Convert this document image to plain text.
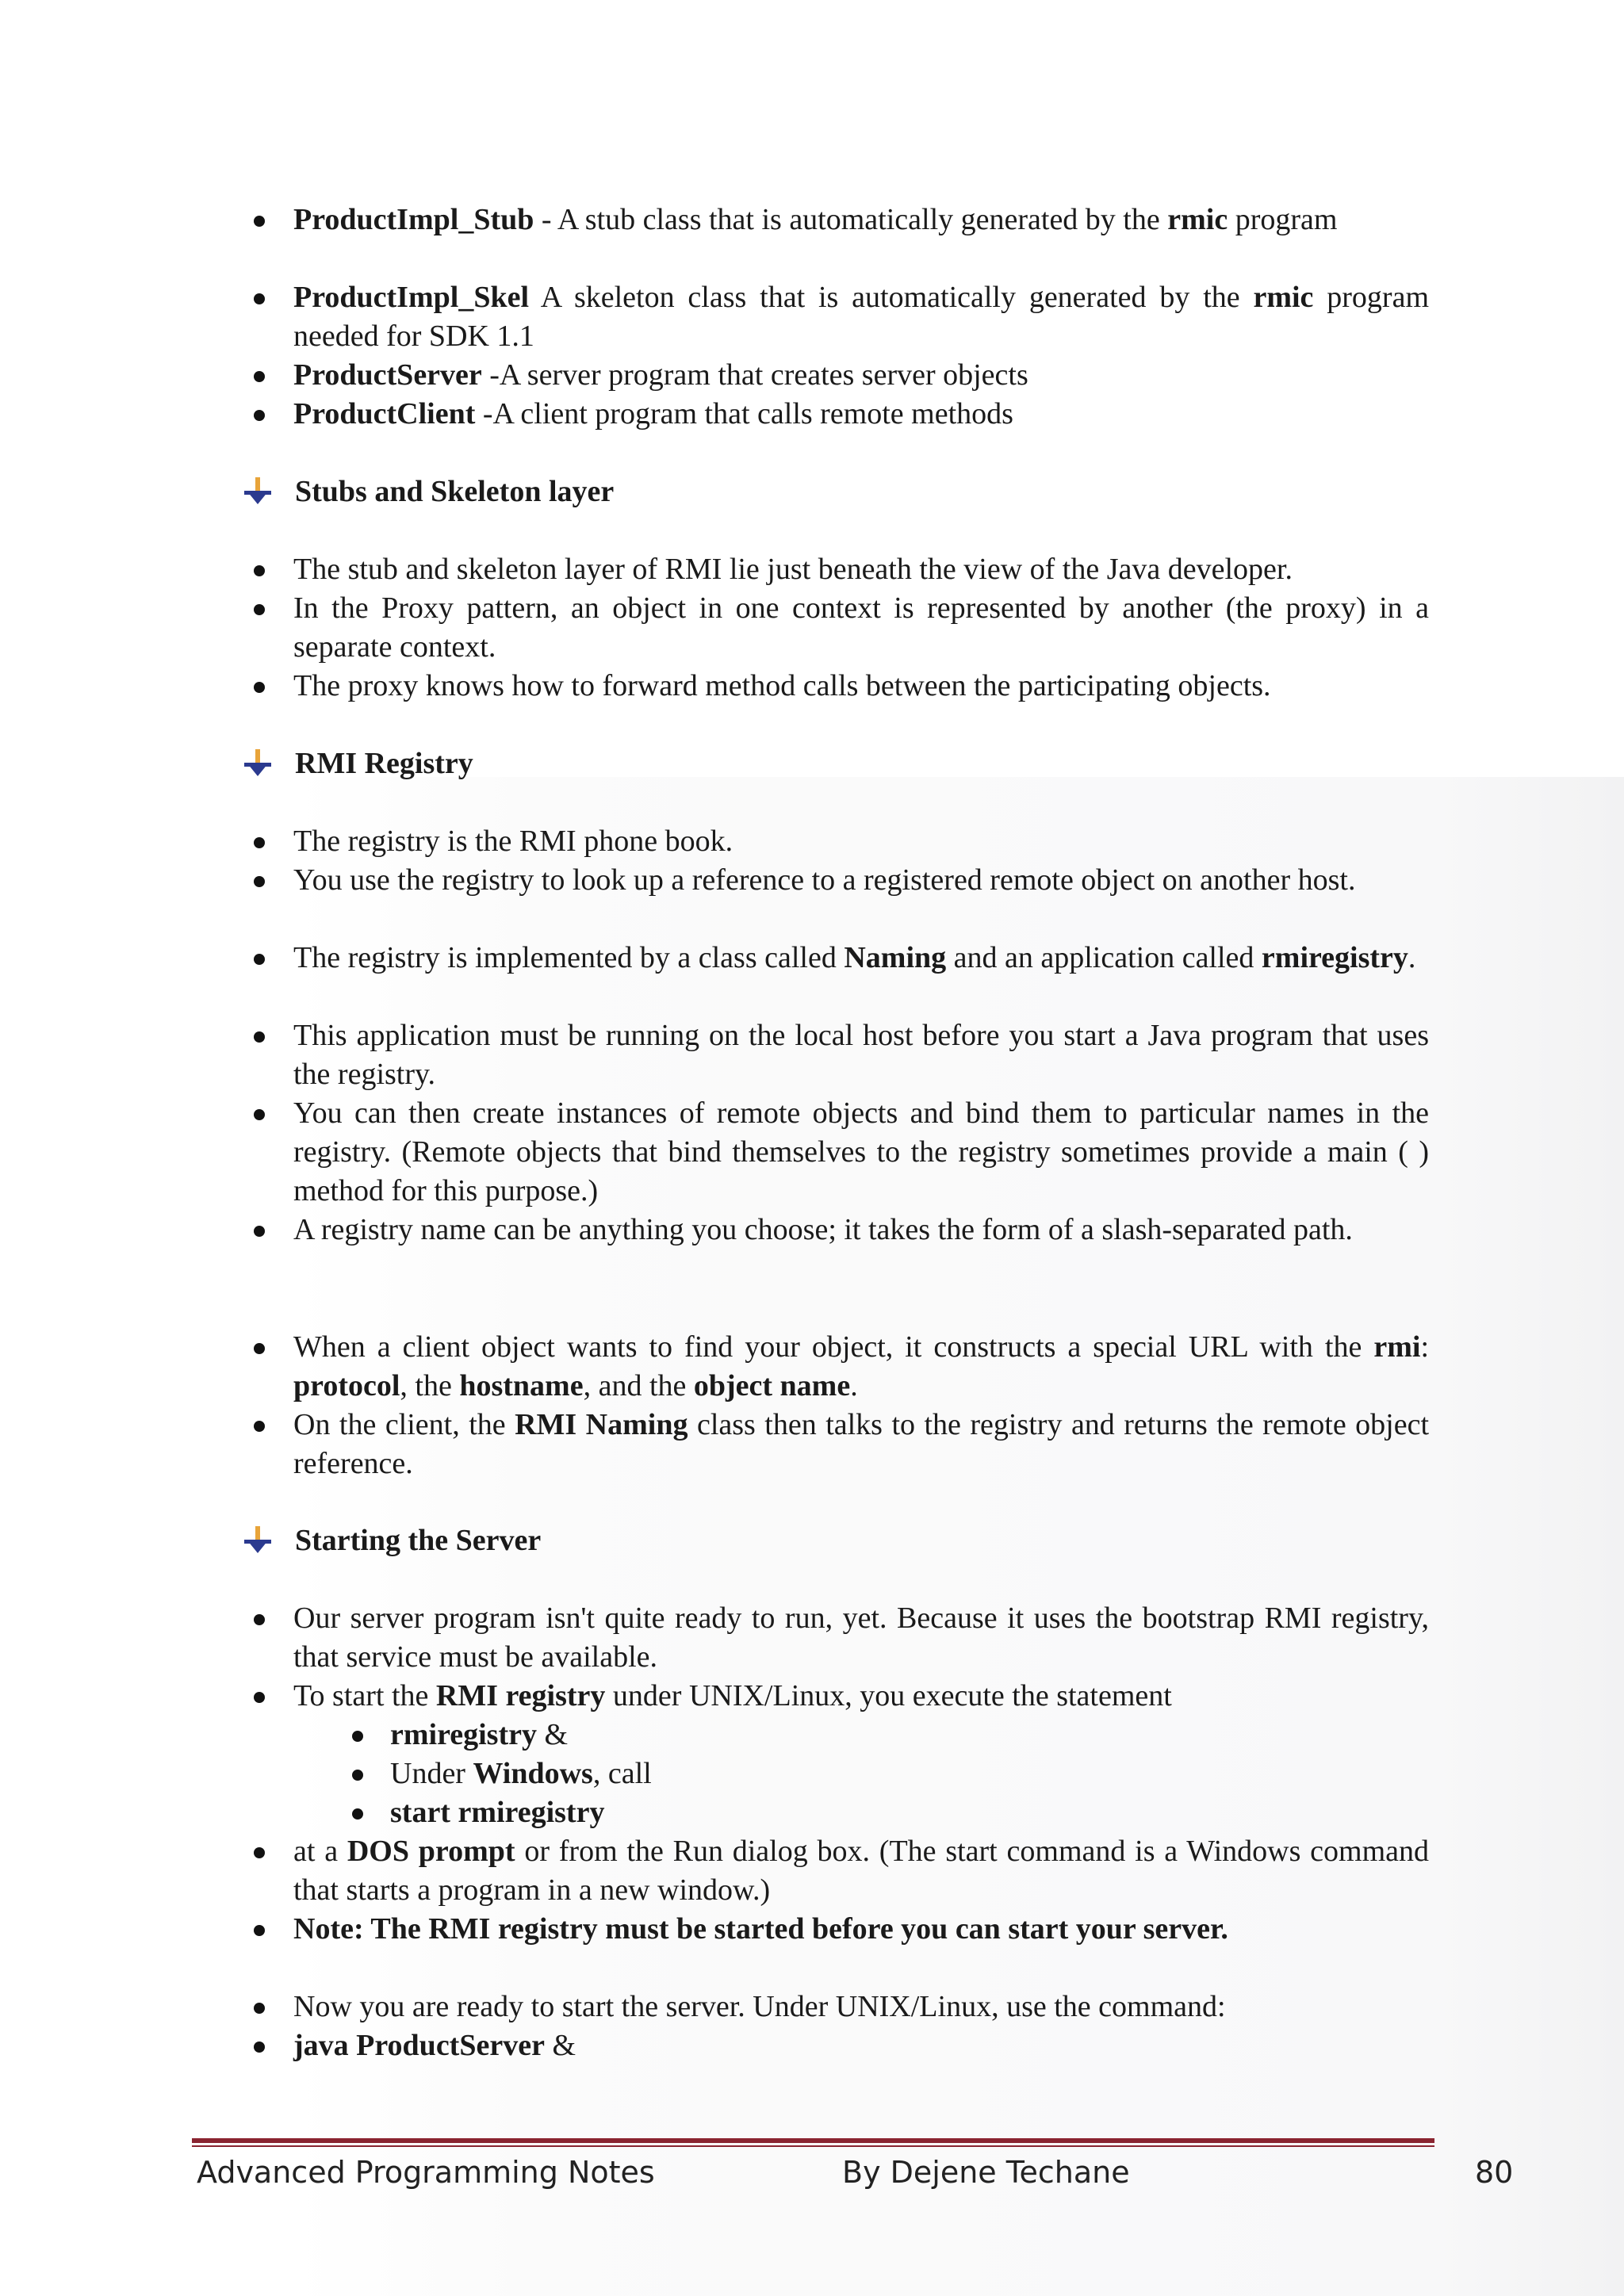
ProductImpl_Stub - A stub class that is automatically generated by the rmic program
ProductImpl_Skel A skeleton class that is automatically generated by the rmic program needed for SDK 1.1
ProductServer -A server program that creates server objects
ProductClient -A client program that calls remote methods
Stubs and Skeleton layer
The stub and skeleton layer of RMI lie just beneath the view of the Java developer.
In the Proxy pattern, an object in one context is represented by another (the proxy) in a separate context.
The proxy knows how to forward method calls between the participating objects.
RMI Registry
The registry is the RMI phone book.
You use the registry to look up a reference to a registered remote object on another host.
The registry is implemented by a class called Naming and an application called rmiregistry.
This application must be running on the local host before you start a Java program that uses the registry.
You can then create instances of remote objects and bind them to particular names in the registry. (Remote objects that bind themselves to the registry sometimes provide a main ( ) method for this purpose.)
A registry name can be anything you choose; it takes the form of a slash-separated path.
When a client object wants to find your object, it constructs a special URL with the rmi: protocol, the hostname, and the object name.
On the client, the RMI Naming class then talks to the registry and returns the remote object reference.
Starting the Server
Our server program isn't quite ready to run, yet. Because it uses the bootstrap RMI registry, that service must be available.
To start the RMI registry under UNIX/Linux, you execute the statement
rmiregistry &
Under Windows, call
start rmiregistry
at a DOS prompt or from the Run dialog box. (The start command is a Windows command that starts a program in a new window.)
Note: The RMI registry must be started before you can start your server.
Now you are ready to start the server. Under UNIX/Linux, use the command:
java ProductServer &
Advanced Programming Notes	By Dejene Techane	80
